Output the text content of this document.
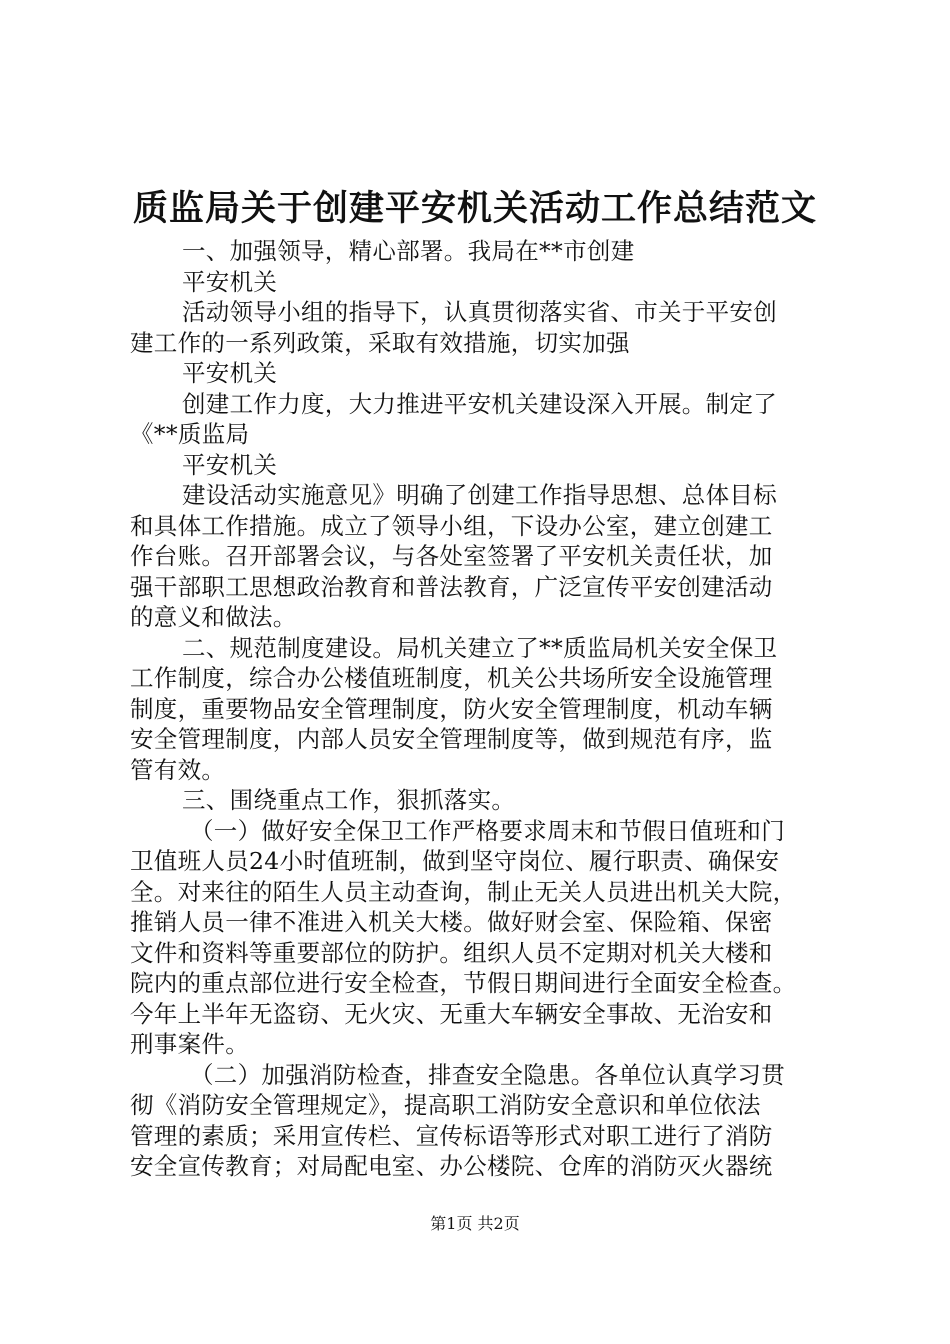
质监局关于创建平安机关活动工作总结范文
一、加强领导，精心部署。我局在**市创建
平安机关
活动领导小组的指导下，认真贯彻落实省、市关于平安创
建工作的一系列政策，采取有效措施，切实加强
平安机关
创建工作力度，大力推进平安机关建设深入开展。制定了
《**质监局
平安机关
建设活动实施意见》明确了创建工作指导思想、总体目标
和具体工作措施。成立了领导小组，下设办公室，建立创建工
作台账。召开部署会议，与各处室签署了平安机关责任状，加
强干部职工思想政治教育和普法教育，广泛宣传平安创建活动
的意义和做法。
二、规范制度建设。局机关建立了**质监局机关安全保卫
工作制度，综合办公楼值班制度，机关公共场所安全设施管理
制度，重要物品安全管理制度，防火安全管理制度，机动车辆
安全管理制度，内部人员安全管理制度等，做到规范有序，监
管有效。
三、围绕重点工作，狠抓落实。
（一）做好安全保卫工作严格要求周末和节假日值班和门
卫值班人员24小时值班制，做到坚守岗位、履行职责、确保安
全。对来往的陌生人员主动查询，制止无关人员进出机关大院，
推销人员一律不准进入机关大楼。做好财会室、保险箱、保密
文件和资料等重要部位的防护。组织人员不定期对机关大楼和
院内的重点部位进行安全检查，节假日期间进行全面安全检查。
今年上半年无盗窃、无火灾、无重大车辆安全事故、无治安和
刑事案件。
（二）加强消防检查，排查安全隐患。各单位认真学习贯
彻《消防安全管理规定》，提高职工消防安全意识和单位依法
管理的素质；采用宣传栏、宣传标语等形式对职工进行了消防
安全宣传教育；对局配电室、办公楼院、仓库的消防灭火器统
第1页 共2页
